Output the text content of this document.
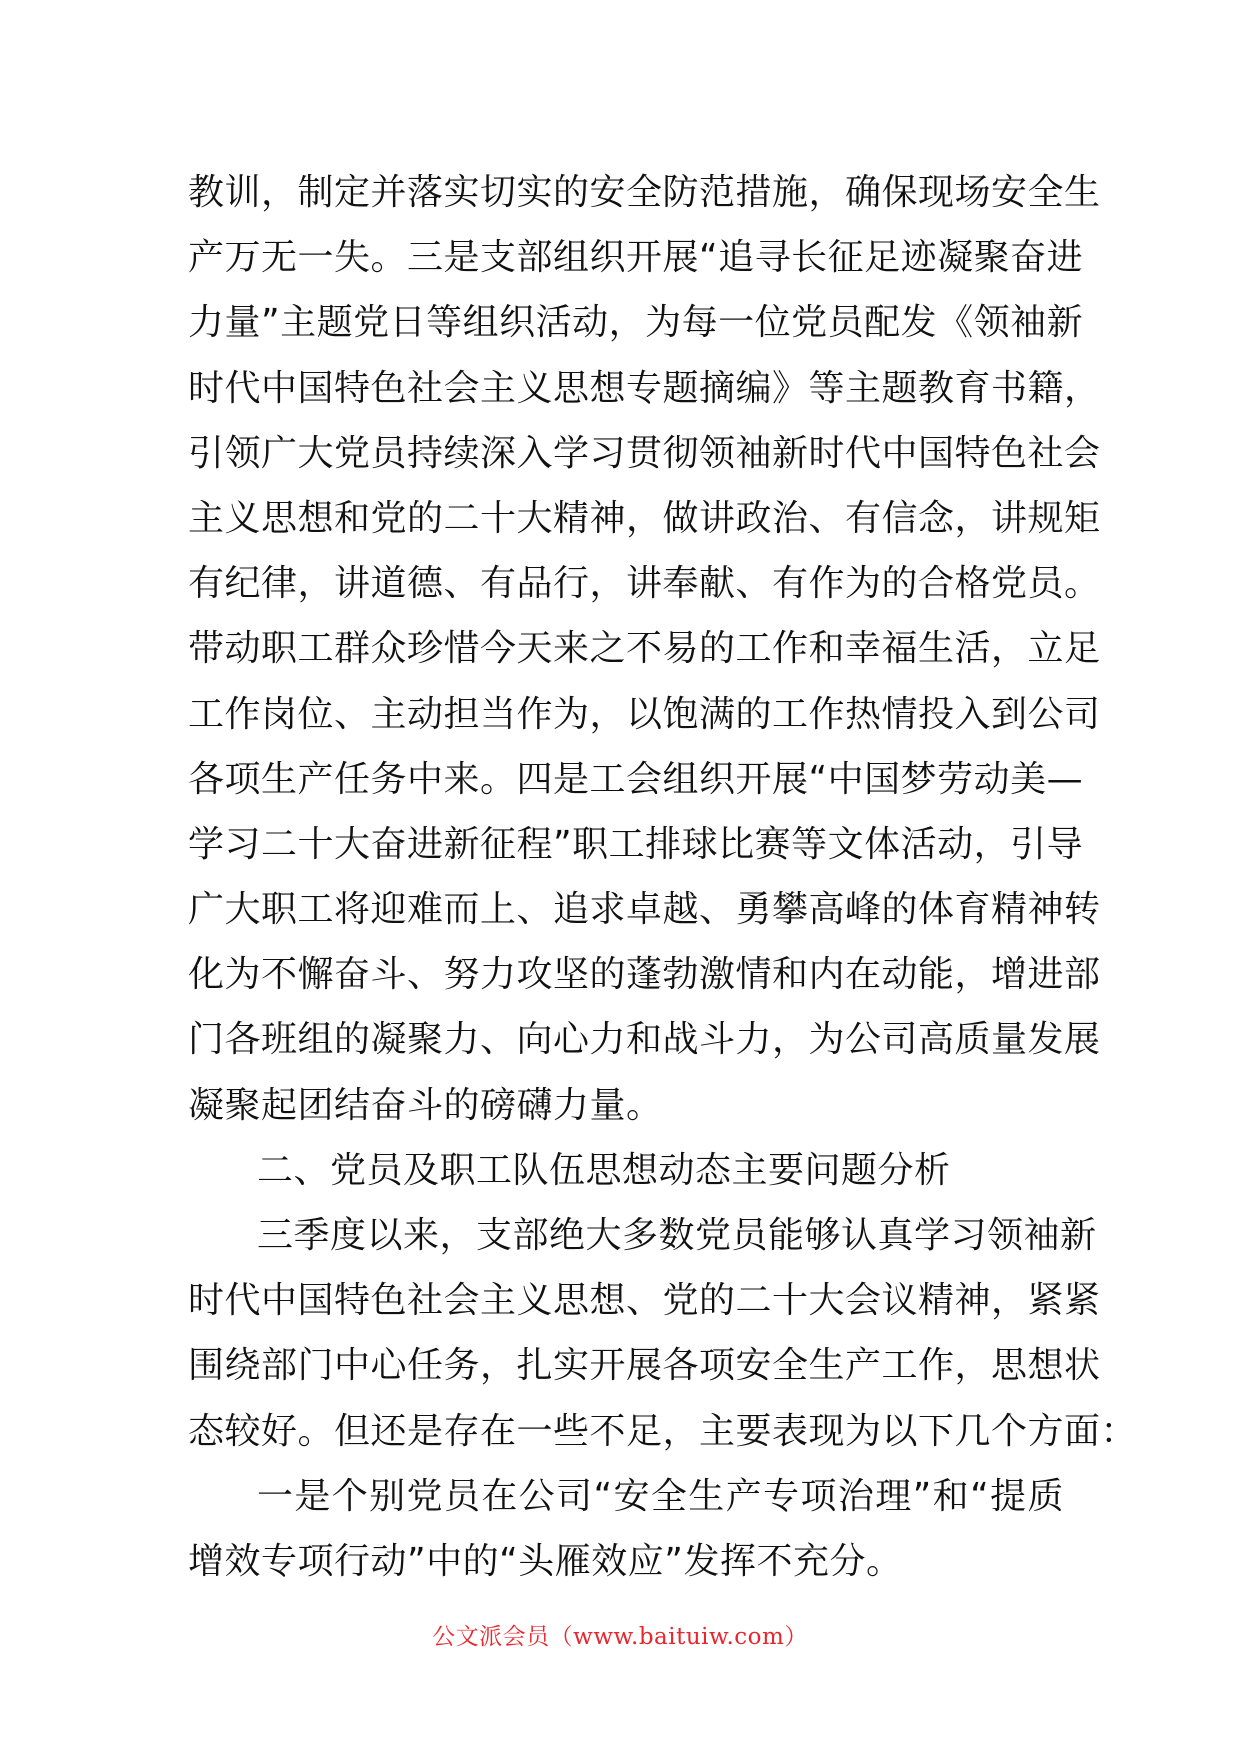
教训，制定并落实切实的安全防范措施，确保现场安全生
产万无一失。三是支部组织开展“追寻长征足迹凝聚奋进
力量”主题党日等组织活动，为每一位党员配发《领袖新
时代中国特色社会主义思想专题摘编》等主题教育书籍，
引领广大党员持续深入学习贯彻领袖新时代中国特色社会
主义思想和党的二十大精神，做讲政治、有信念，讲规矩
有纪律，讲道德、有品行，讲奉献、有作为的合格党员。
带动职工群众珍惜今天来之不易的工作和幸福生活，立足
工作岗位、主动担当作为，以饱满的工作热情投入到公司
各项生产任务中来。四是工会组织开展“中国梦劳动美—
学习二十大奋进新征程”职工排球比赛等文体活动，引导
广大职工将迎难而上、追求卓越、勇攀高峰的体育精神转
化为不懈奋斗、努力攻坚的蓬勃激情和内在动能，增进部
门各班组的凝聚力、向心力和战斗力，为公司高质量发展
凝聚起团结奋斗的磅礴力量。
二、党员及职工队伍思想动态主要问题分析
三季度以来，支部绝大多数党员能够认真学习领袖新
时代中国特色社会主义思想、党的二十大会议精神，紧紧
围绕部门中心任务，扎实开展各项安全生产工作，思想状
态较好。但还是存在一些不足，主要表现为以下几个方面：
一是个别党员在公司“安全生产专项治理”和“提质
增效专项行动”中的“头雁效应”发挥不充分。
公文派会员（www.baituiw.com）
